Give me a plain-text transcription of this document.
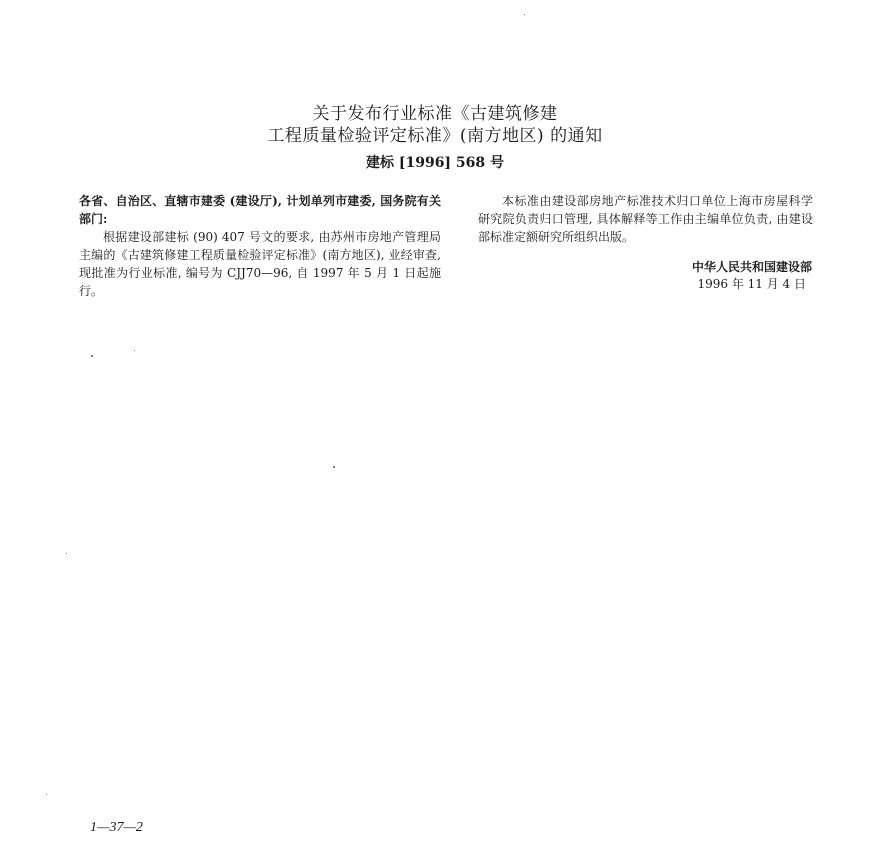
关于发布行业标准《古建筑修建
工程质量检验评定标准》(南方地区) 的通知
建标 [1996] 568 号

各省、自治区、直辖市建委 (建设厅), 计划单列市建委, 国务院有关部门:

根据建设部建标 (90) 407 号文的要求, 由苏州市房地产管理局主编的《古建筑修建工程质量检验评定标准》(南方地区), 业经审查, 现批准为行业标准, 编号为 CJJ70—96, 自 1997 年 5 月 1 日起施行。

本标准由建设部房地产标准技术归口单位上海市房屋科学研究院负责归口管理, 具体解释等工作由主编单位负责, 由建设部标准定额研究所组织出版。

中华人民共和国建设部
1996 年 11 月 4 日
1—37—2
